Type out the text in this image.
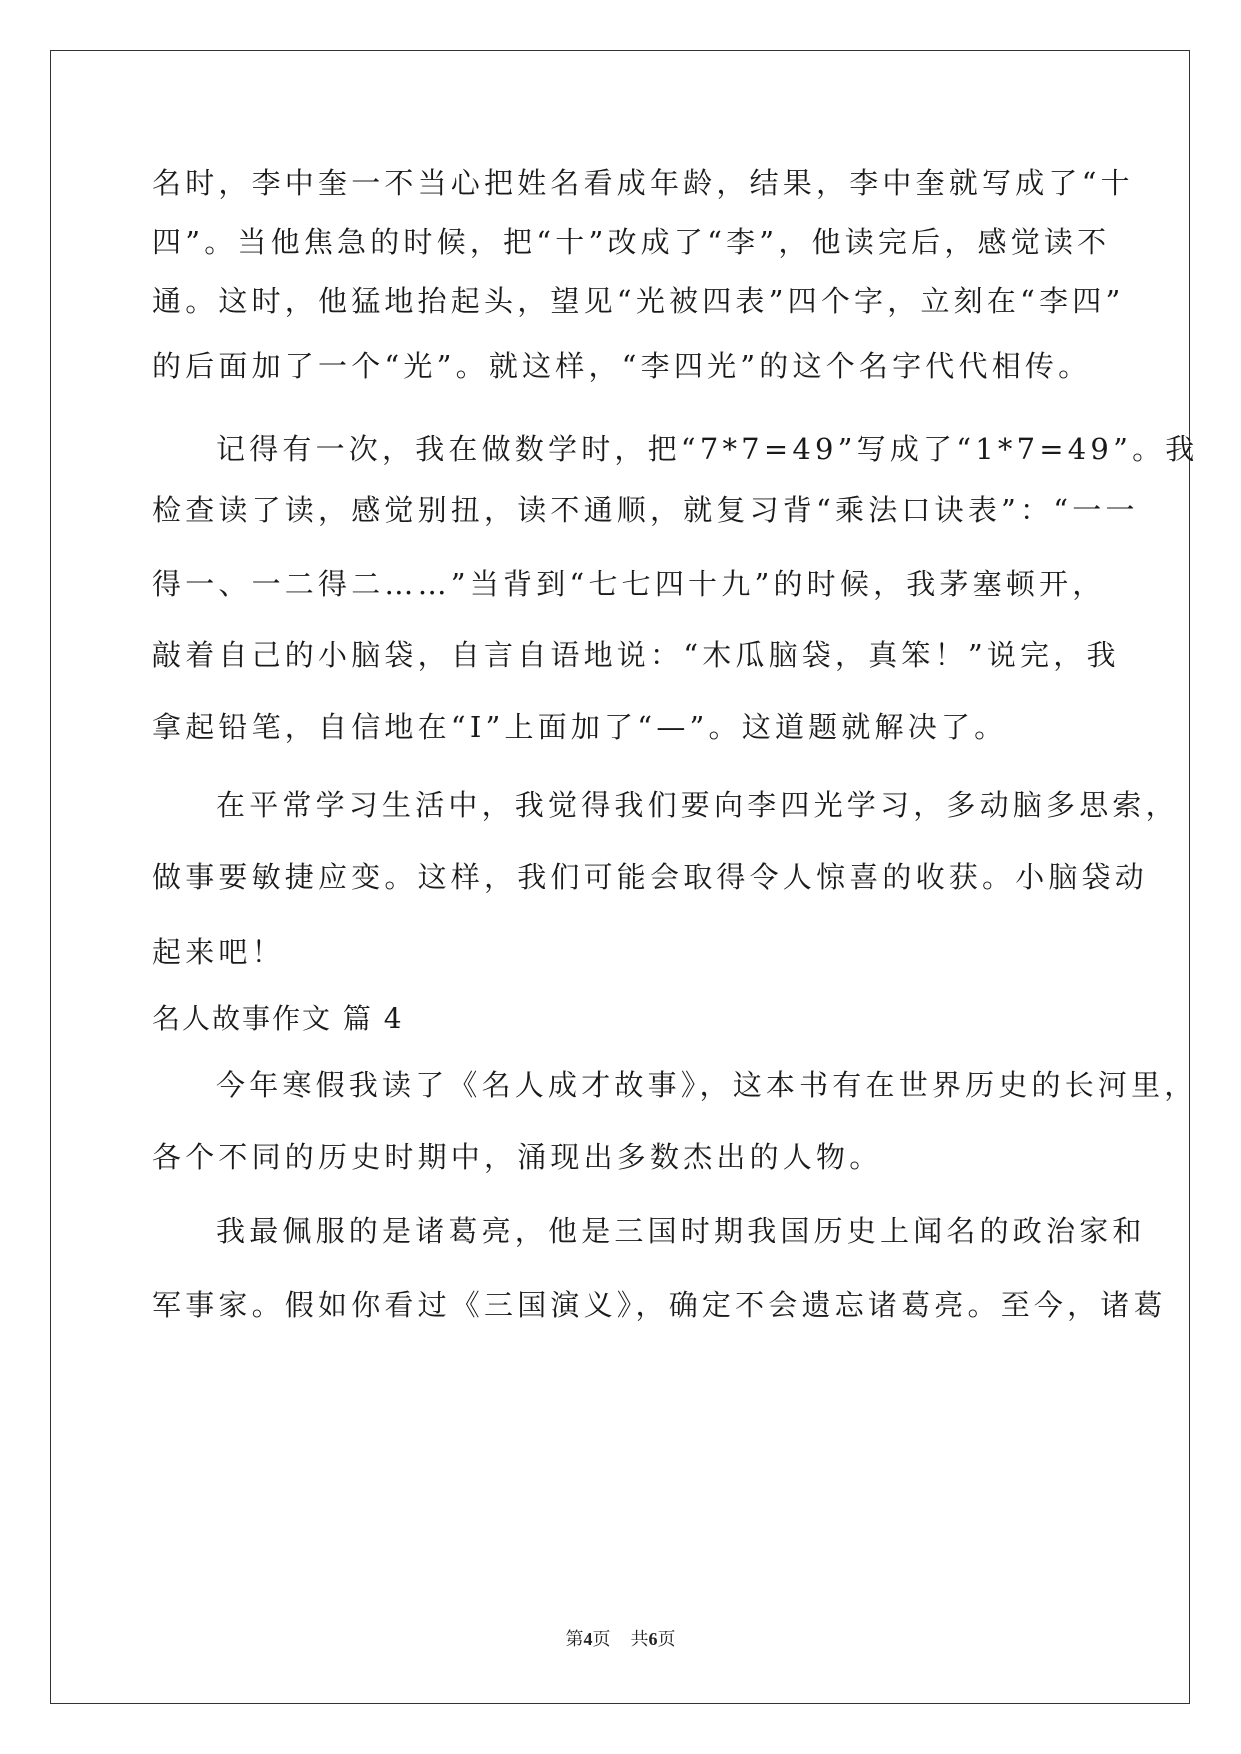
名时，李中奎一不当心把姓名看成年龄，结果，李中奎就写成了“十
四”。当他焦急的时候，把“十”改成了“李”，他读完后，感觉读不
通。这时，他猛地抬起头，望见“光被四表”四个字，立刻在“李四”
的后面加了一个“光”。就这样，“李四光”的这个名字代代相传。
记得有一次，我在做数学时，把“7*7=49”写成了“1*7=49”。我
检查读了读，感觉别扭，读不通顺，就复习背“乘法口诀表”：“一一
得一、一二得二……”当背到“七七四十九”的时候，我茅塞顿开，
敲着自己的小脑袋，自言自语地说：“木瓜脑袋，真笨！”说完，我
拿起铅笔，自信地在“I”上面加了“—”。这道题就解决了。
在平常学习生活中，我觉得我们要向李四光学习，多动脑多思索，
做事要敏捷应变。这样，我们可能会取得令人惊喜的收获。小脑袋动
起来吧！
名人故事作文 篇 4
今年寒假我读了《名人成才故事》，这本书有在世界历史的长河里，
各个不同的历史时期中，涌现出多数杰出的人物。
我最佩服的是诸葛亮，他是三国时期我国历史上闻名的政治家和
军事家。假如你看过《三国演义》，确定不会遗忘诸葛亮。至今，诸葛
第4页 共6页
